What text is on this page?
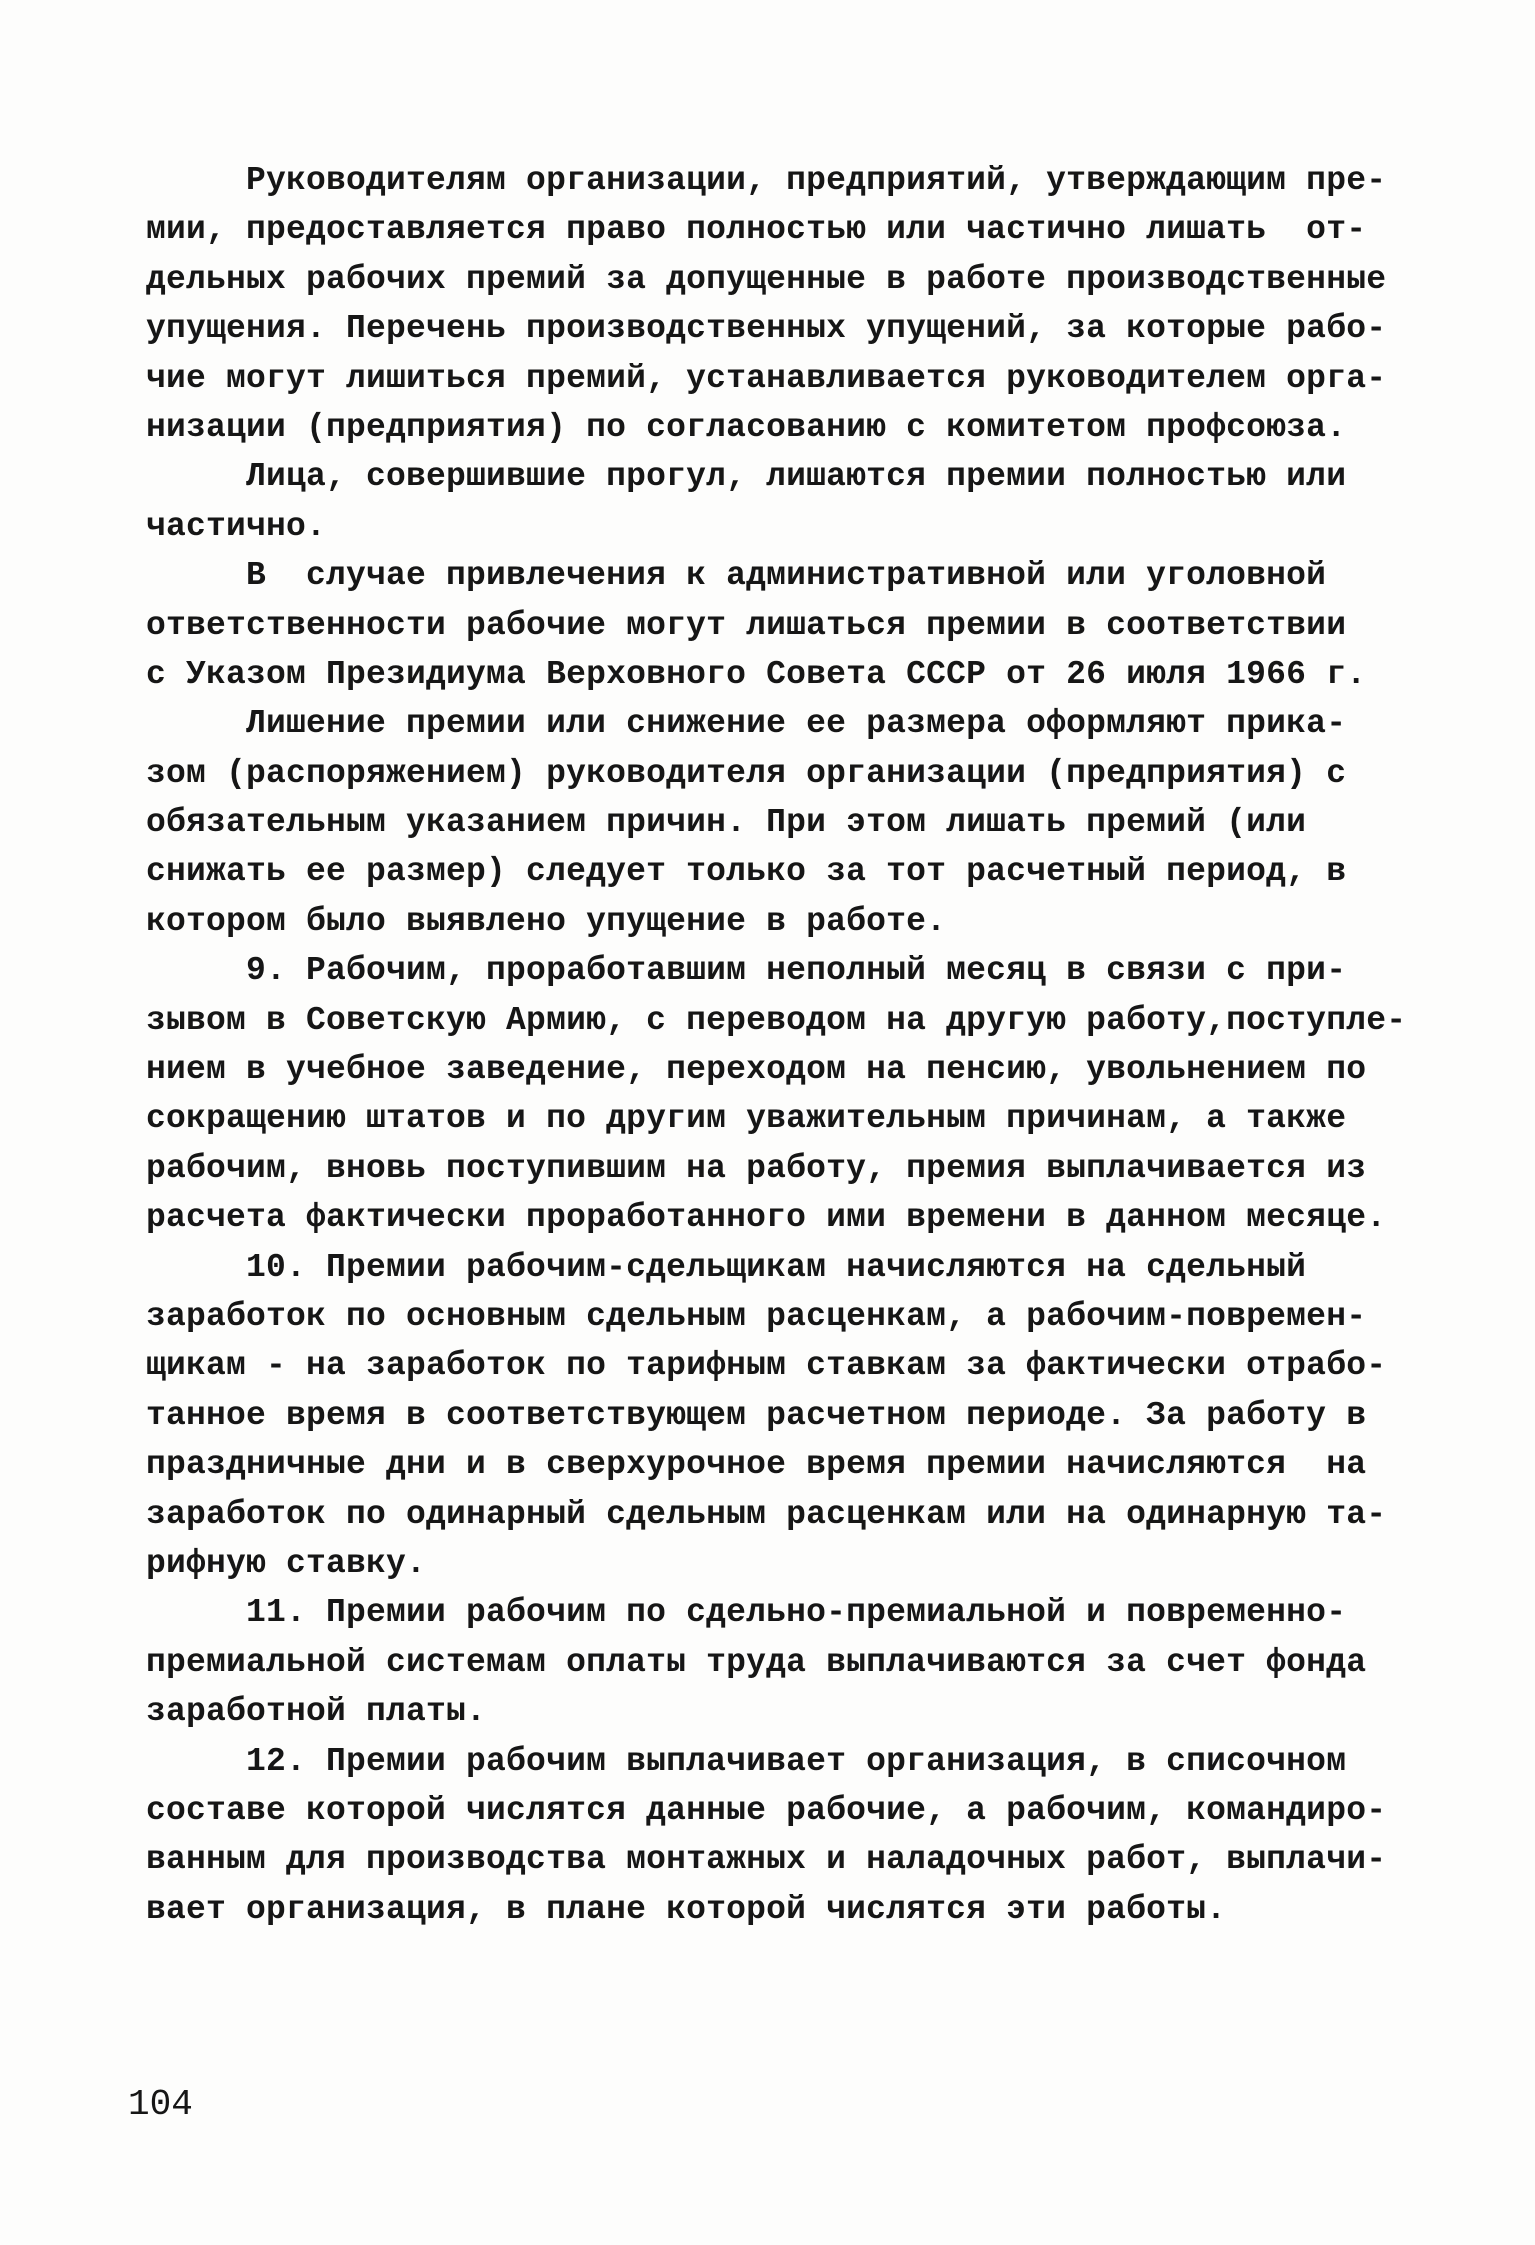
Руководителям организации, предприятий, утверждающим пре-
мии, предоставляется право полностью или частично лишать  от-
дельных рабочих премий за допущенные в работе производственные
упущения. Перечень производственных упущений, за которые рабо-
чие могут лишиться премий, устанавливается руководителем орга-
низации (предприятия) по согласованию с комитетом профсоюза.
Лица, совершившие прогул, лишаются премии полностью или
частично.
В  случае привлечения к административной или уголовной
ответственности рабочие могут лишаться премии в соответствии
с Указом Президиума Верховного Совета СССР от 26 июля 1966 г.
Лишение премии или снижение ее размера оформляют прика-
зом (распоряжением) руководителя организации (предприятия) с
обязательным указанием причин. При этом лишать премий (или
снижать ее размер) следует только за тот расчетный период, в
котором было выявлено упущение в работе.
9. Рабочим, проработавшим неполный месяц в связи с при-
зывом в Советскую Армию, с переводом на другую работу,поступле-
нием в учебное заведение, переходом на пенсию, увольнением по
сокращению штатов и по другим уважительным причинам, а также
рабочим, вновь поступившим на работу, премия выплачивается из
расчета фактически проработанного ими времени в данном месяце.
10. Премии рабочим-сдельщикам начисляются на сдельный
заработок по основным сдельным расценкам, а рабочим-повремен-
щикам - на заработок по тарифным ставкам за фактически отрабо-
танное время в соответствующем расчетном периоде. За работу в
праздничные дни и в сверхурочное время премии начисляются  на
заработок по одинарный сдельным расценкам или на одинарную та-
рифную ставку.
11. Премии рабочим по сдельно-премиальной и повременно-
премиальной системам оплаты труда выплачиваются за счет фонда
заработной платы.
12. Премии рабочим выплачивает организация, в списочном
составе которой числятся данные рабочие, а рабочим, командиро-
ванным для производства монтажных и наладочных работ, выплачи-
вает организация, в плане которой числятся эти работы.
104
